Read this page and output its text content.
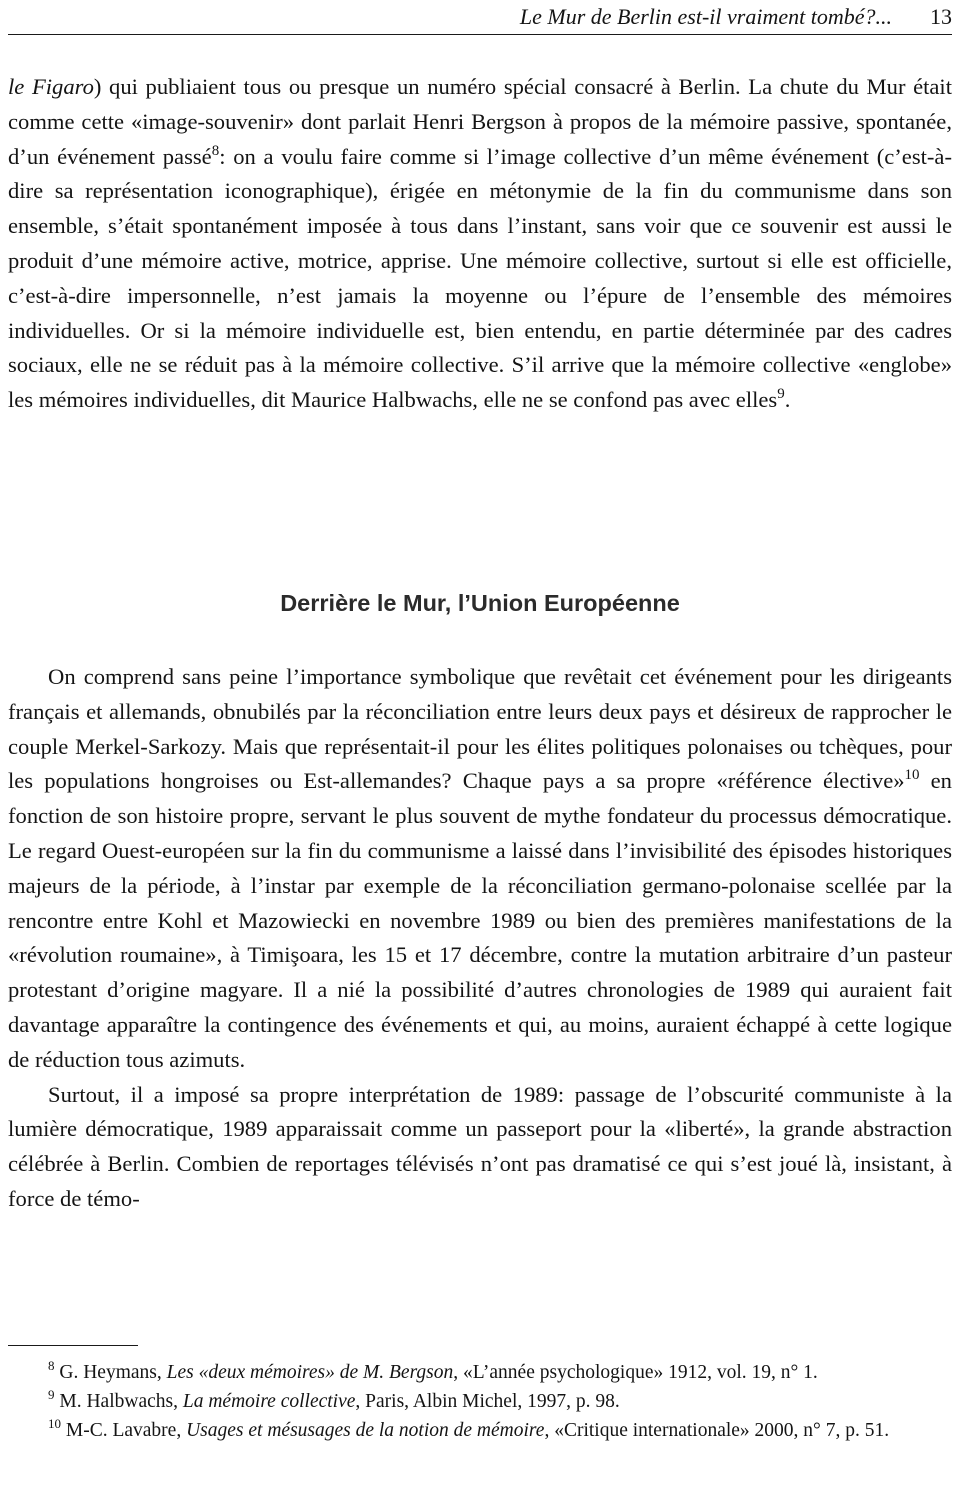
Le Mur de Berlin est-il vraiment tombé?... 13

le Figaro) qui publiaient tous ou presque un numéro spécial consacré à Berlin. La chute du Mur était comme cette «image-souvenir» dont parlait Henri Bergson à propos de la mémoire passive, spontanée, d’un événement passé$^8$: on a voulu faire comme si l’image collective d’un même événement (c’est-à-dire sa représentation iconographique), érigée en métonymie de la fin du communisme dans son ensemble, s’était spontanément imposée à tous dans l’instant, sans voir que ce souvenir est aussi le produit d’une mémoire active, motrice, apprise. Une mémoire collective, surtout si elle est officielle, c’est-à-dire impersonnelle, n’est jamais la moyenne ou l’épure de l’ensemble des mémoires individuelles. Or si la mémoire individuelle est, bien entendu, en partie déterminée par des cadres sociaux, elle ne se réduit pas à la mémoire collective. S’il arrive que la mémoire collective «englobe» les mémoires individuelles, dit Maurice Halbwachs, elle ne se confond pas avec elles$^9$.

Derrière le Mur, l’Union Européenne

On comprend sans peine l’importance symbolique que revêtait cet événement pour les dirigeants français et allemands, obnubilés par la réconciliation entre leurs deux pays et désireux de rapprocher le couple Merkel-Sarkozy. Mais que représentait-il pour les élites politiques polonaises ou tchèques, pour les populations hongroises ou Est-allemandes? Chaque pays a sa propre «référence élective»$^{10}$ en fonction de son histoire propre, servant le plus souvent de mythe fondateur du processus démocratique. Le regard Ouest-européen sur la fin du communisme a laissé dans l’invisibilité des épisodes historiques majeurs de la période, à l’instar par exemple de la réconciliation germano-polonaise scellée par la rencontre entre Kohl et Mazowiecki en novembre 1989 ou bien des premières manifestations de la «révolution roumaine», à Timişoara, les 15 et 17 décembre, contre la mutation arbitraire d’un pasteur protestant d’origine magyare. Il a nié la possibilité d’autres chronologies de 1989 qui auraient fait davantage apparaître la contingence des événements et qui, au moins, auraient échappé à cette logique de réduction tous azimuts.

Surtout, il a imposé sa propre interprétation de 1989: passage de l’obscurité communiste à la lumière démocratique, 1989 apparaissait comme un passeport pour la «liberté», la grande abstraction célébrée à Berlin. Combien de reportages télévisés n’ont pas dramatisé ce qui s’est joué là, insistant, à force de témo-

$^8$ G. Heymans, Les «deux mémoires» de M. Bergson, «L’année psychologique» 1912, vol. 19, n° 1.

$^9$ M. Halbwachs, La mémoire collective, Paris, Albin Michel, 1997, p. 98.

$^{10}$ M-C. Lavabre, Usages et mésusages de la notion de mémoire, «Critique internationale» 2000, n° 7, p. 51.
